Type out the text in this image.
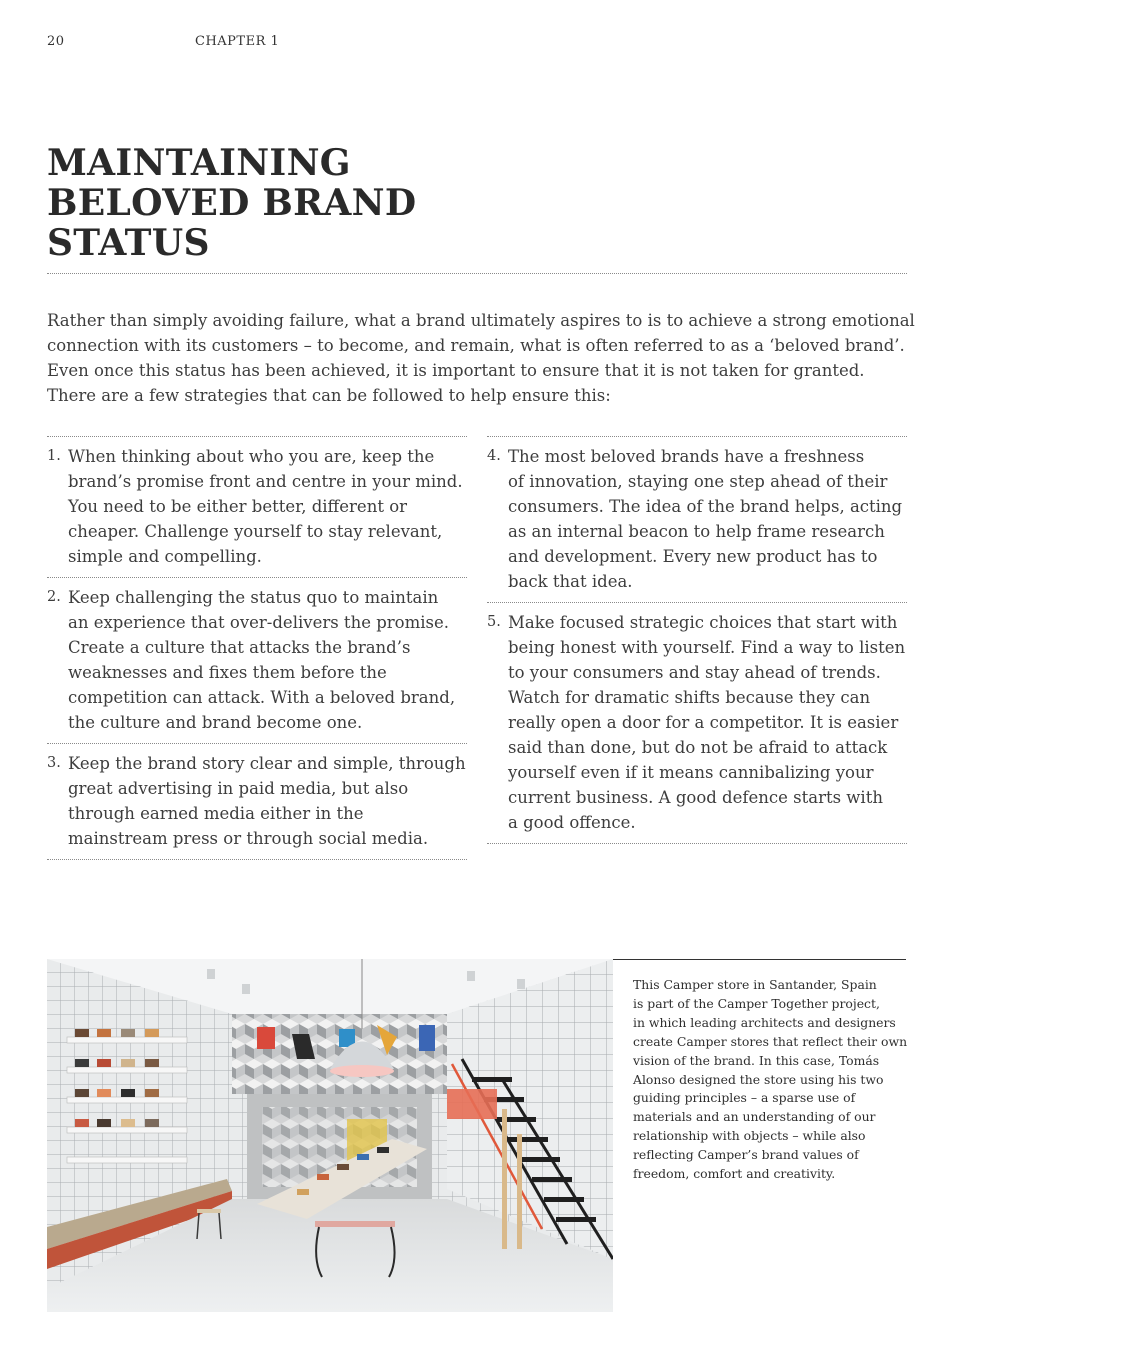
20	CHAPTER 1
MAINTAINING
BELOVED BRAND
STATUS
Rather than simply avoiding failure, what a brand ultimately aspires to is to achieve a strong emotional
connection with its customers – to become, and remain, what is often referred to as a ‘beloved brand’.
Even once this status has been achieved, it is important to ensure that it is not taken for granted.
There are a few strategies that can be followed to help ensure this:
1. When thinking about who you are, keep the
brand’s promise front and centre in your mind.
You need to be either better, different or
cheaper. Challenge yourself to stay relevant,
simple and compelling.
2. Keep challenging the status quo to maintain
an experience that over-delivers the promise.
Create a culture that attacks the brand’s
weaknesses and fixes them before the
competition can attack. With a beloved brand,
the culture and brand become one.
3. Keep the brand story clear and simple, through
great advertising in paid media, but also
through earned media either in the
mainstream press or through social media.
4. The most beloved brands have a freshness
of innovation, staying one step ahead of their
consumers. The idea of the brand helps, acting
as an internal beacon to help frame research
and development. Every new product has to
back that idea.
5. Make focused strategic choices that start with
being honest with yourself. Find a way to listen
to your consumers and stay ahead of trends.
Watch for dramatic shifts because they can
really open a door for a competitor. It is easier
said than done, but do not be afraid to attack
yourself even if it means cannibalizing your
current business. A good defence starts with
a good offence.
This Camper store in Santander, Spain
is part of the Camper Together project,
in which leading architects and designers
create Camper stores that reflect their own
vision of the brand. In this case, Tomás
Alonso designed the store using his two
guiding principles – a sparse use of
materials and an understanding of our
relationship with objects – while also
reflecting Camper’s brand values of
freedom, comfort and creativity.
